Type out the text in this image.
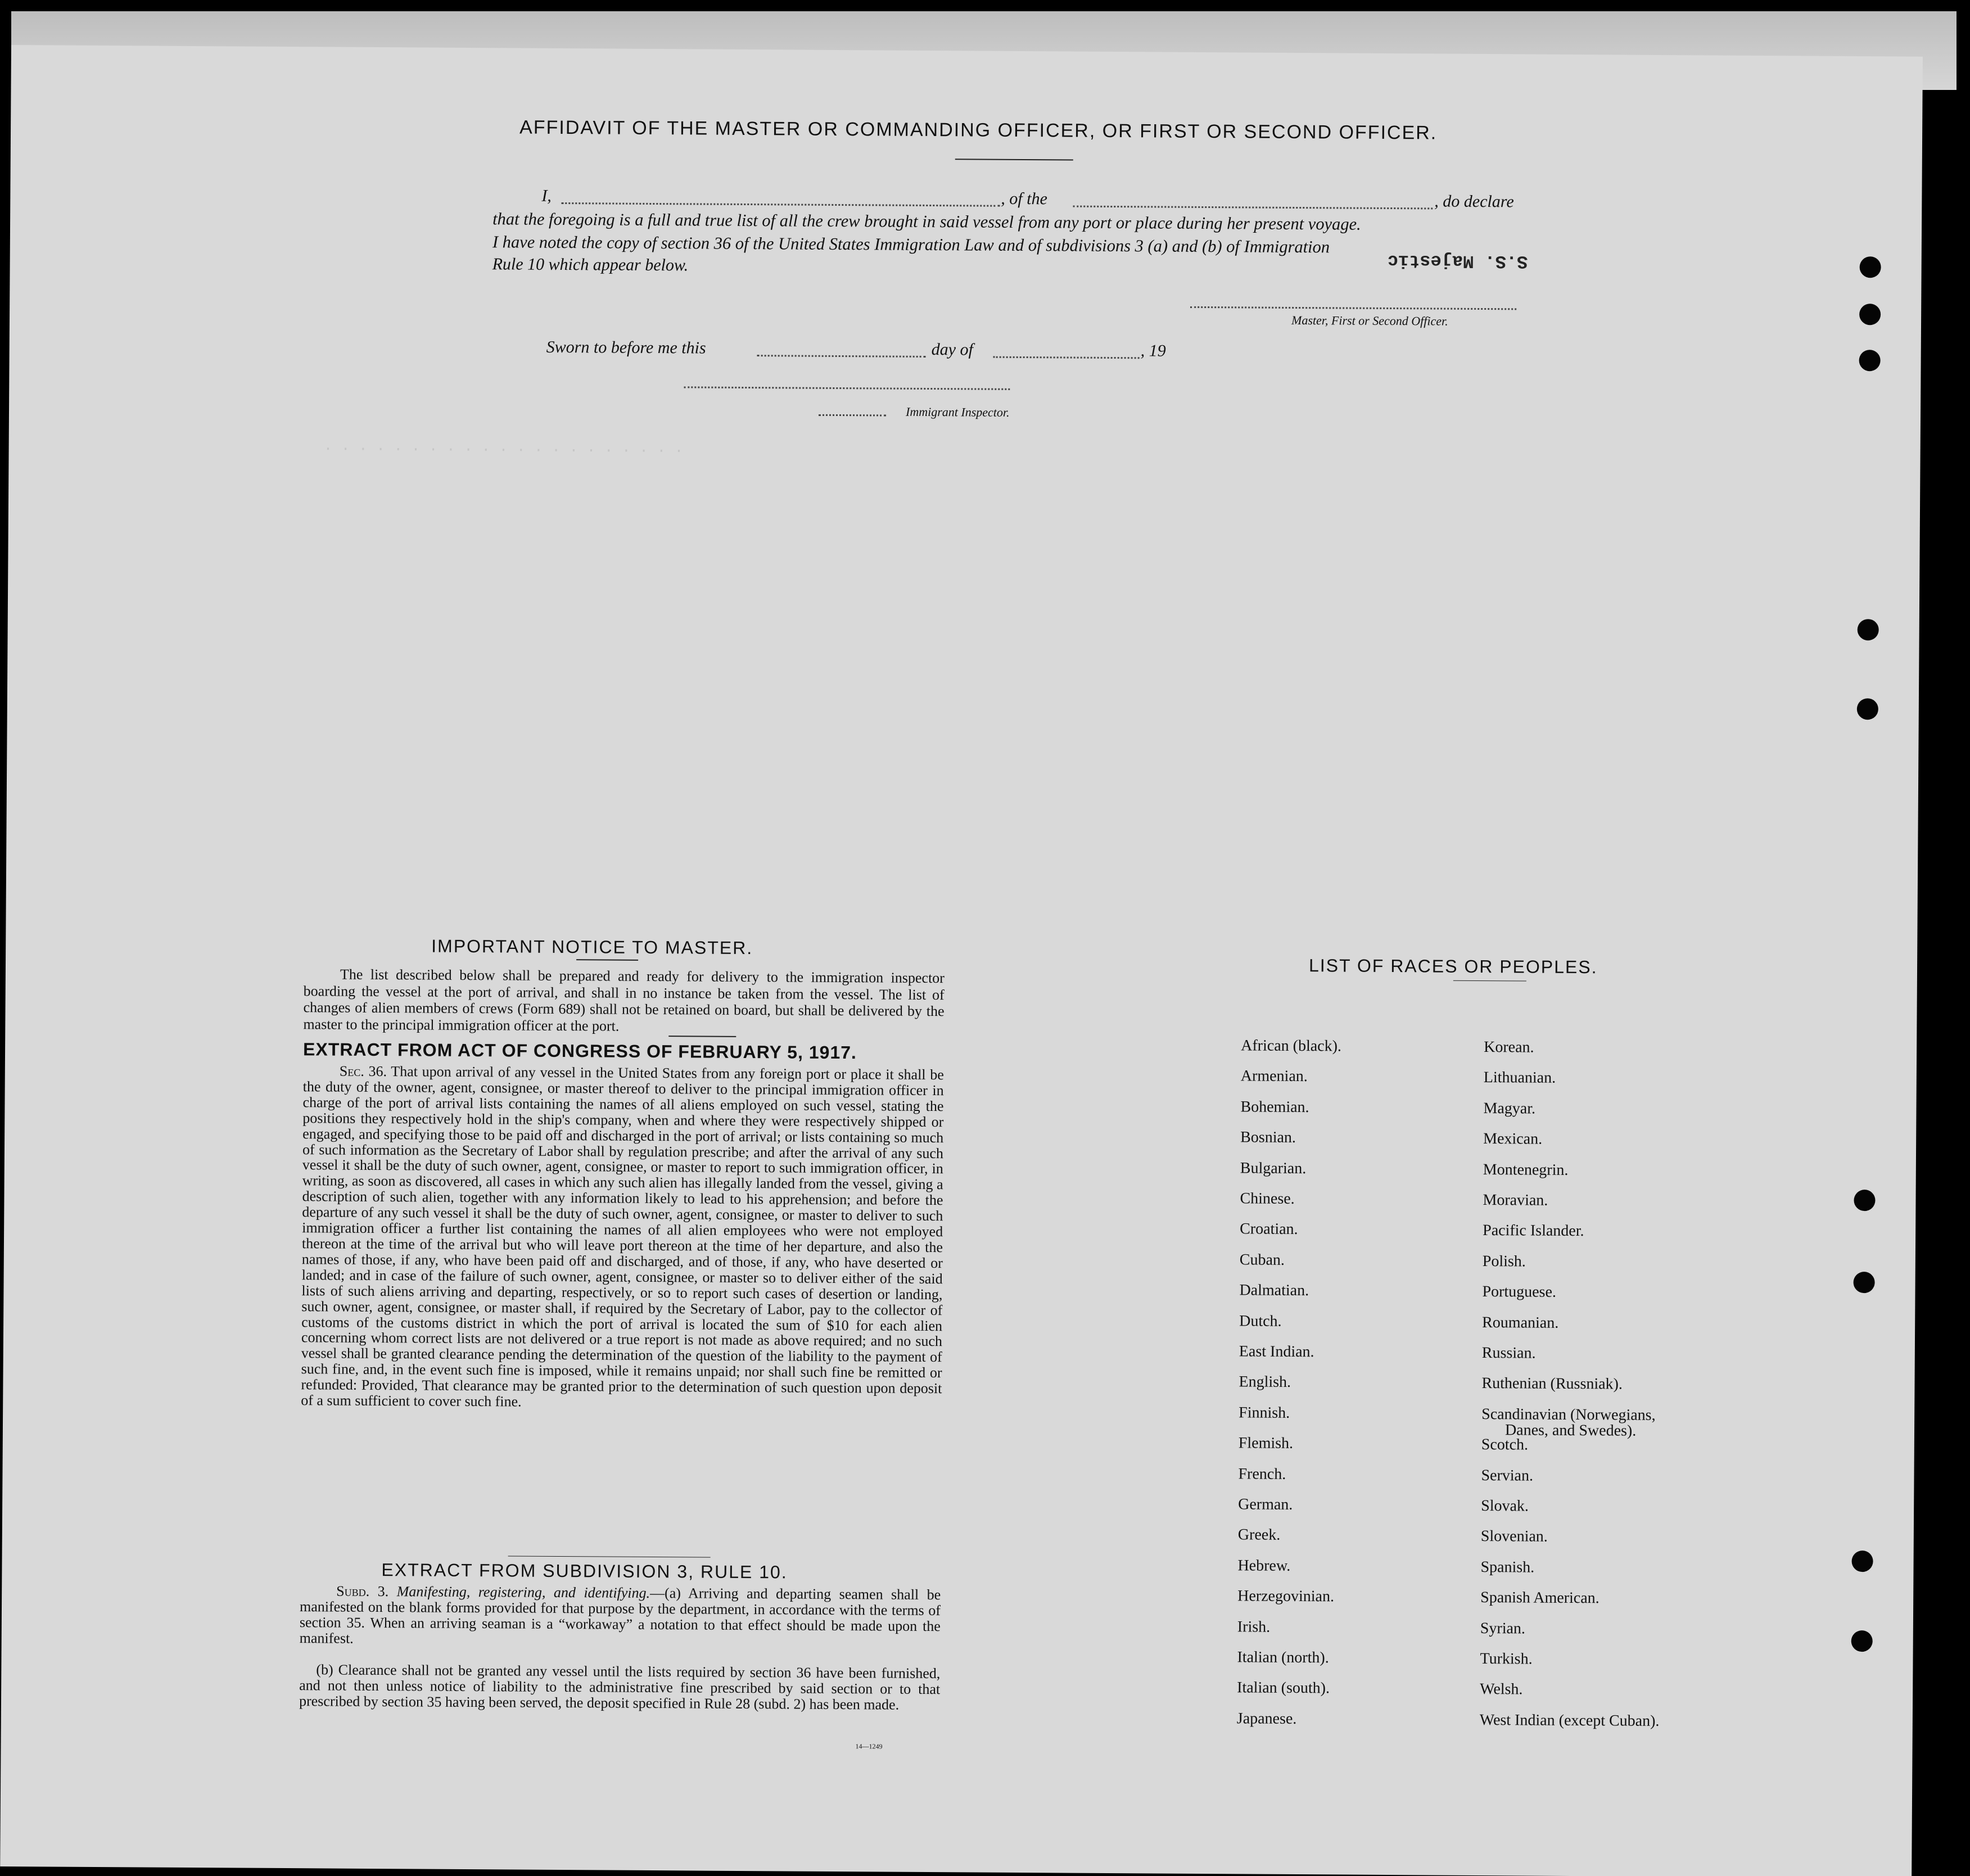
· · · · · · · · · · · · · · · · · · · · ·
AFFIDAVIT OF THE MASTER OR COMMANDING OFFICER, OR FIRST OR SECOND OFFICER.
I,	, of the	, do declare
that the foregoing is a full and true list of all the crew brought in said vessel from any port or place during her present voyage.
I have noted the copy of section 36 of the United States Immigration Law and of subdivisions 3 (a) and (b) of Immigration
Rule 10 which appear below.	S.S. Majestic
Master, First or Second Officer.
Sworn to before me this	day of	, 19
Immigrant Inspector.
IMPORTANT NOTICE TO MASTER.
The list described below shall be prepared and ready for delivery to the immigration inspector boarding the vessel at the port of arrival, and shall in no instance be taken from the vessel. The list of changes of alien members of crews (Form 689) shall not be retained on board, but shall be delivered by the master to the principal immigration officer at the port.
EXTRACT FROM ACT OF CONGRESS OF FEBRUARY 5, 1917.
Sec. 36. That upon arrival of any vessel in the United States from any foreign port or place it shall be the duty of the owner, agent, consignee, or master thereof to deliver to the principal immigration officer in charge of the port of arrival lists containing the names of all aliens employed on such vessel, stating the positions they respectively hold in the ship's company, when and where they were respectively shipped or engaged, and specifying those to be paid off and discharged in the port of arrival; or lists containing so much of such information as the Secretary of Labor shall by regulation prescribe; and after the arrival of any such vessel it shall be the duty of such owner, agent, consignee, or master to report to such immigration officer, in writing, as soon as discovered, all cases in which any such alien has illegally landed from the vessel, giving a description of such alien, together with any information likely to lead to his apprehension; and before the departure of any such vessel it shall be the duty of such owner, agent, consignee, or master to deliver to such immigration officer a further list containing the names of all alien employees who were not employed thereon at the time of the arrival but who will leave port thereon at the time of her departure, and also the names of those, if any, who have been paid off and discharged, and of those, if any, who have deserted or landed; and in case of the failure of such owner, agent, consignee, or master so to deliver either of the said lists of such aliens arriving and departing, respectively, or so to report such cases of desertion or landing, such owner, agent, consignee, or master shall, if required by the Secretary of Labor, pay to the collector of customs of the customs district in which the port of arrival is located the sum of $10 for each alien concerning whom correct lists are not delivered or a true report is not made as above required; and no such vessel shall be granted clearance pending the determination of the question of the liability to the payment of such fine, and, in the event such fine is imposed, while it remains unpaid; nor shall such fine be remitted or refunded: Provided, That clearance may be granted prior to the determination of such question upon deposit of a sum sufficient to cover such fine.
EXTRACT FROM SUBDIVISION 3, RULE 10.
Subd. 3. Manifesting, registering, and identifying.—(a) Arriving and departing seamen shall be manifested on the blank forms provided for that purpose by the department, in accordance with the terms of section 35. When an arriving seaman is a “workaway” a notation to that effect should be made upon the manifest.
(b) Clearance shall not be granted any vessel until the lists required by section 36 have been furnished, and not then unless notice of liability to the administrative fine prescribed by said section or to that prescribed by section 35 having been served, the deposit specified in Rule 28 (subd. 2) has been made.
14—1249
LIST OF RACES OR PEOPLES.
African (black).
Armenian.
Bohemian.
Bosnian.
Bulgarian.
Chinese.
Croatian.
Cuban.
Dalmatian.
Dutch.
East Indian.
English.
Finnish.
Flemish.
French.
German.
Greek.
Hebrew.
Herzegovinian.
Irish.
Italian (north).
Italian (south).
Japanese.
Korean.
Lithuanian.
Magyar.
Mexican.
Montenegrin.
Moravian.
Pacific Islander.
Polish.
Portuguese.
Roumanian.
Russian.
Ruthenian (Russniak).
Scandinavian (Norwegians,
Danes, and Swedes).
Scotch.
Servian.
Slovak.
Slovenian.
Spanish.
Spanish American.
Syrian.
Turkish.
Welsh.
West Indian (except Cuban).
